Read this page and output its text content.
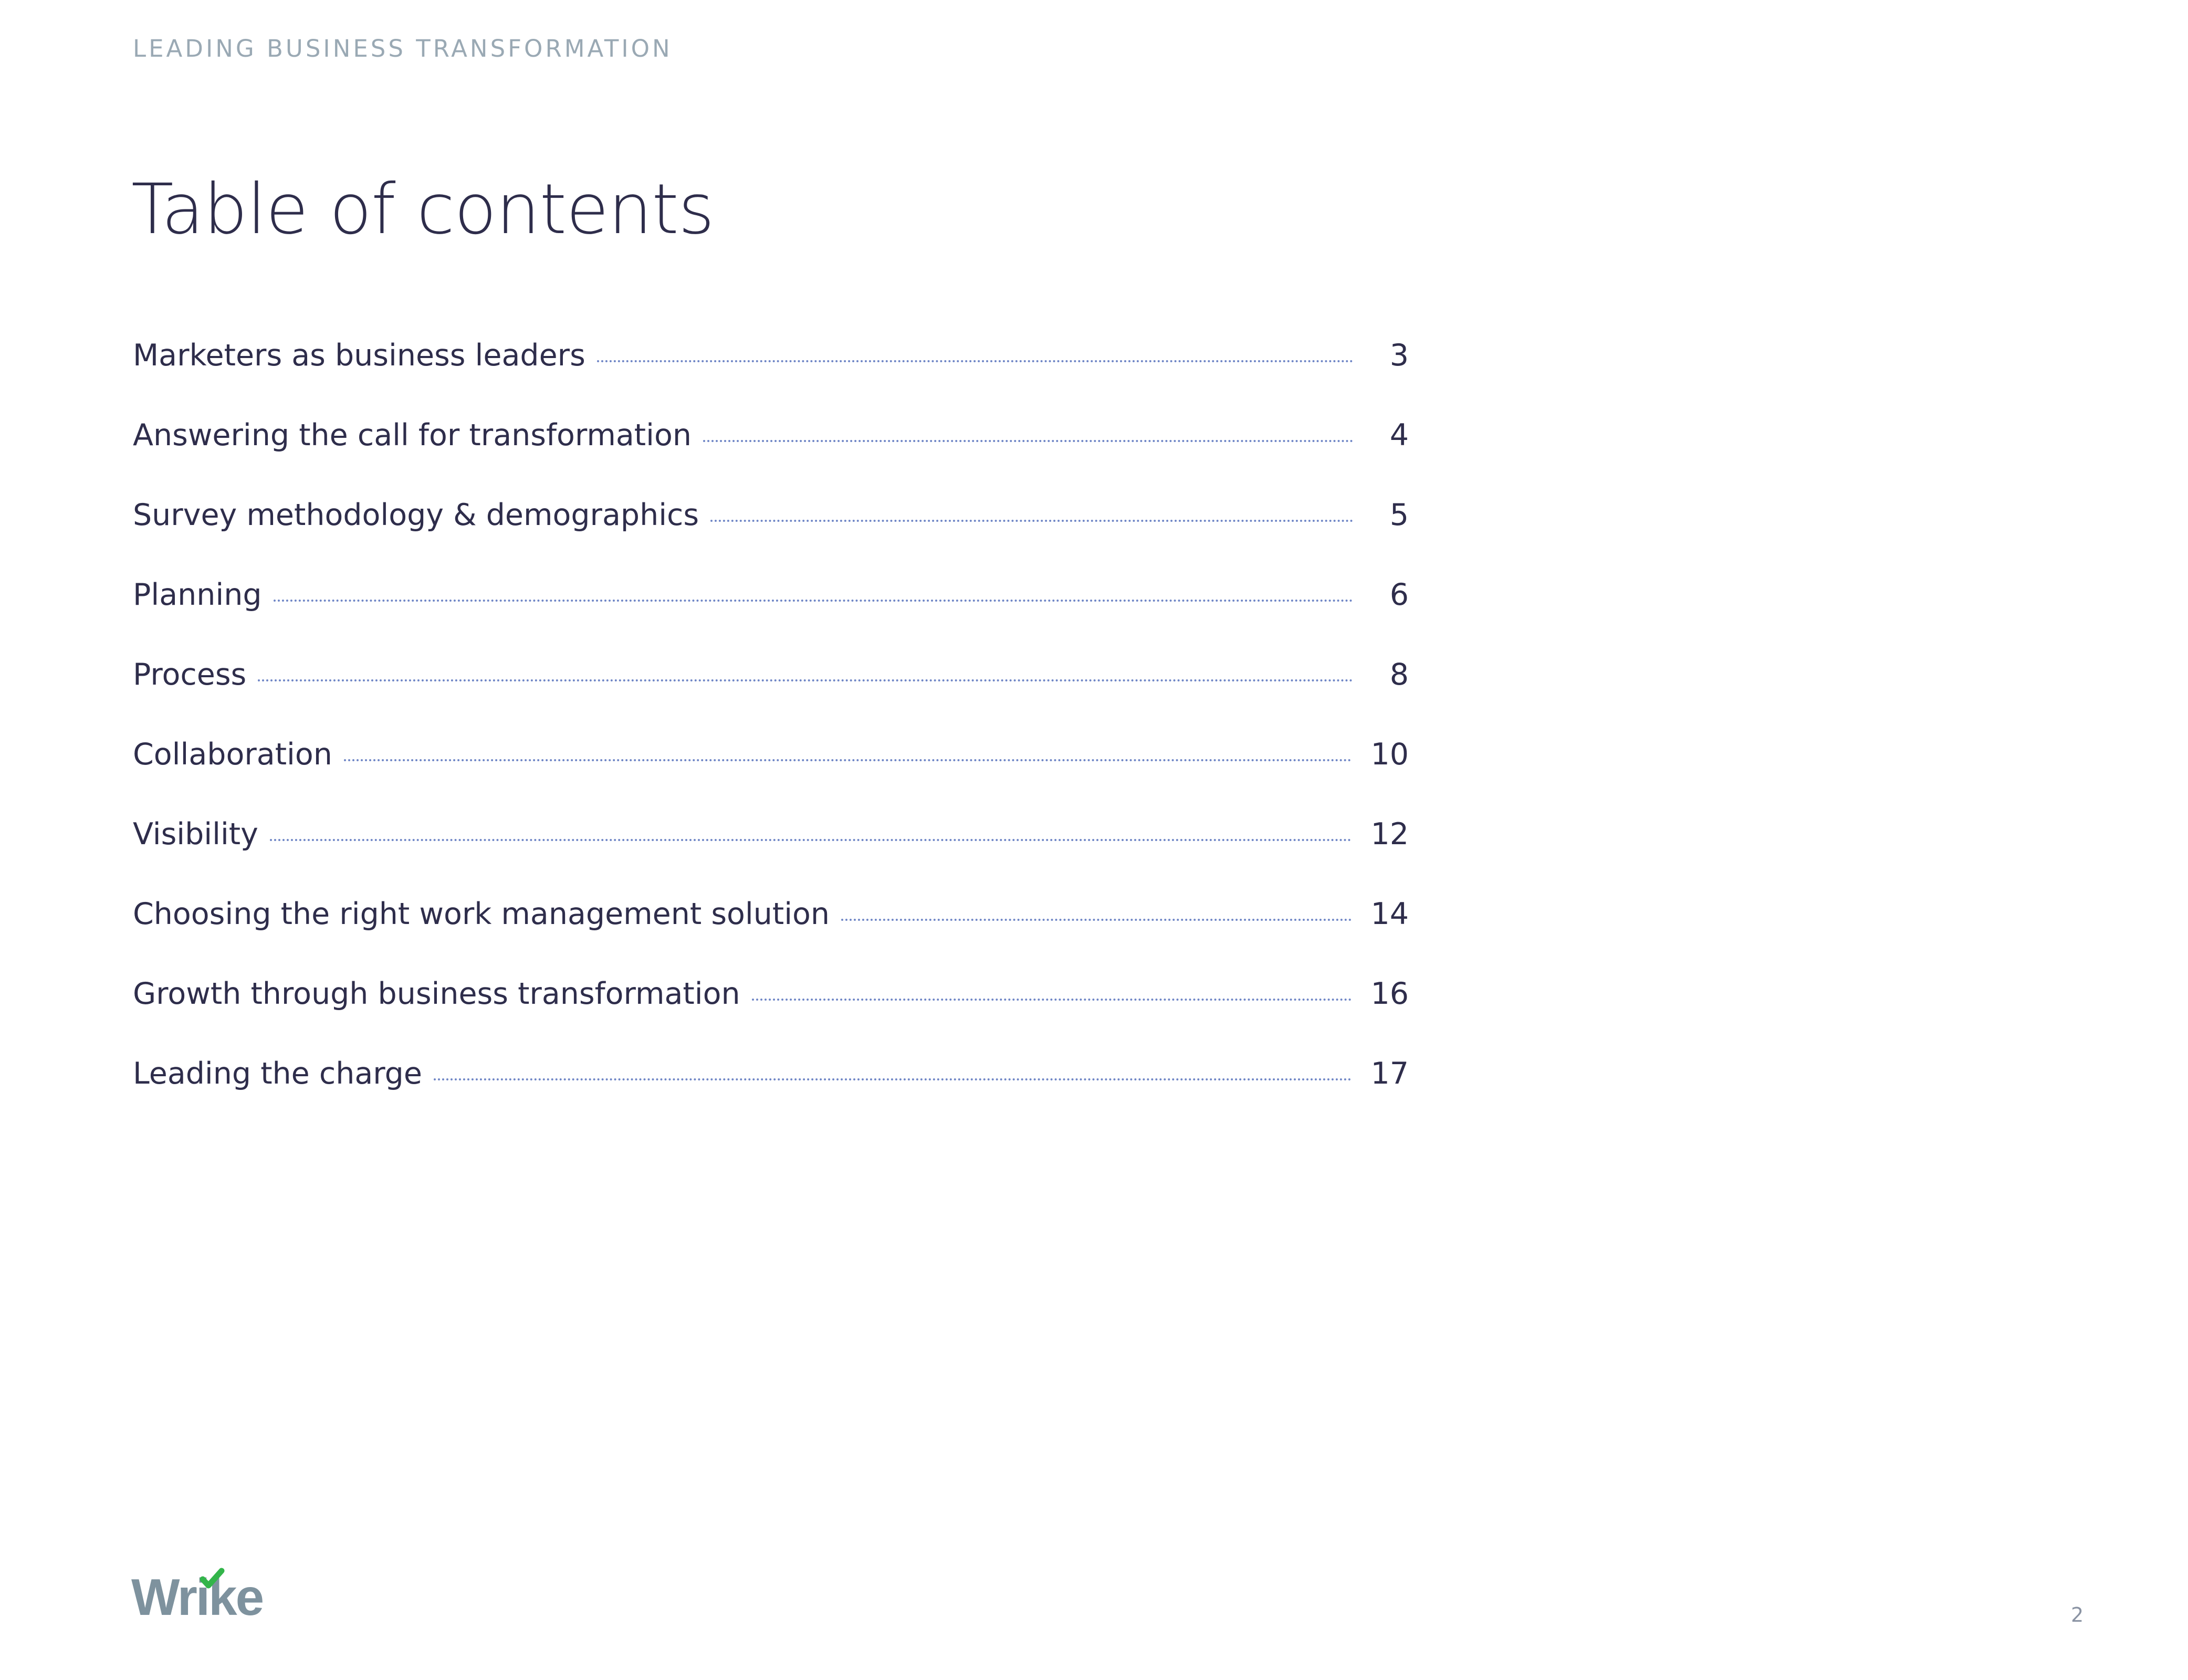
LEADING BUSINESS TRANSFORMATION
Table of contents
Marketers as business leaders	3
Answering the call for transformation	4
Survey methodology & demographics	5
Planning	6
Process	8
Collaboration	10
Visibility	12
Choosing the right work management solution	14
Growth through business transformation	16
Leading the charge	17
Wrike	2
